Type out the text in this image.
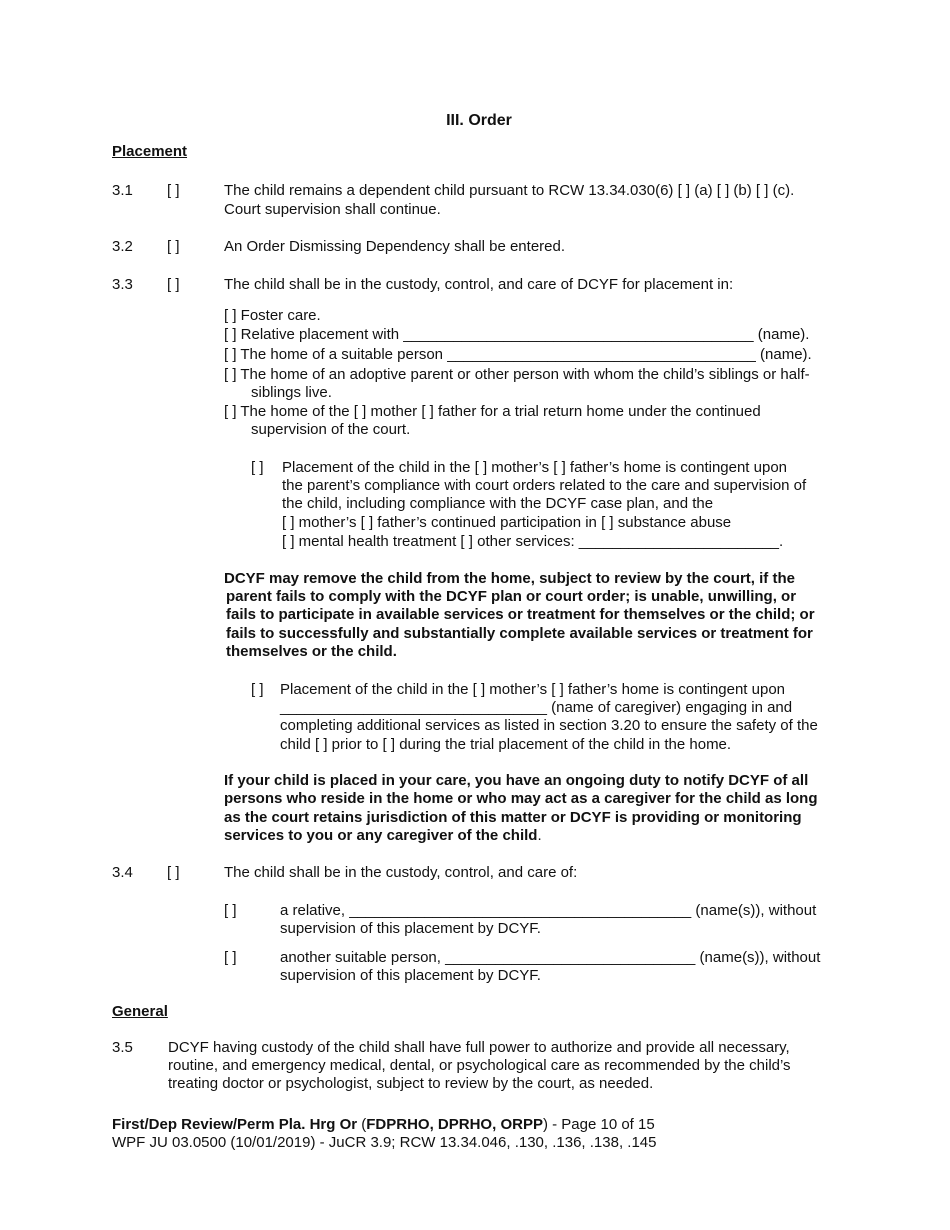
III. Order
Placement
3.1 [ ]	The child remains a dependent child pursuant to RCW 13.34.030(6) [ ] (a) [ ] (b) [ ] (c).
Court supervision shall continue.
3.2 [ ]	An Order Dismissing Dependency shall be entered.
3.3 [ ]	The child shall be in the custody, control, and care of DCYF for placement in:
[ ] Foster care.
[ ] Relative placement with __________________________________________ (name).
[ ] The home of a suitable person _____________________________________ (name).
[ ] The home of an adoptive parent or other person with whom the child’s siblings or half-
siblings live.
[ ] The home of the [ ] mother [ ] father for a trial return home under the continued
supervision of the court.
[ ] Placement of the child in the [ ] mother’s [ ] father’s home is contingent upon
the parent’s compliance with court orders related to the care and supervision of
the child, including compliance with the DCYF case plan, and the
[ ] mother’s [ ] father’s continued participation in [ ] substance abuse
[ ] mental health treatment [ ] other services: ________________________.
DCYF may remove the child from the home, subject to review by the court, if the
parent fails to comply with the DCYF plan or court order; is unable, unwilling, or
fails to participate in available services or treatment for themselves or the child; or
fails to successfully and substantially complete available services or treatment for
themselves or the child.
[ ] Placement of the child in the [ ] mother’s [ ] father’s home is contingent upon
________________________________ (name of caregiver) engaging in and
completing additional services as listed in section 3.20 to ensure the safety of the
child [ ] prior to [ ] during the trial placement of the child in the home.
If your child is placed in your care, you have an ongoing duty to notify DCYF of all
persons who reside in the home or who may act as a caregiver for the child as long
as the court retains jurisdiction of this matter or DCYF is providing or monitoring
services to you or any caregiver of the child.
3.4 [ ]	The child shall be in the custody, control, and care of:
[ ]	a relative, _________________________________________ (name(s)), without
supervision of this placement by DCYF.
[ ]	another suitable person, ______________________________ (name(s)), without
supervision of this placement by DCYF.
General
3.5 DCYF having custody of the child shall have full power to authorize and provide all necessary,
routine, and emergency medical, dental, or psychological care as recommended by the child’s
treating doctor or psychologist, subject to review by the court, as needed.
First/Dep Review/Perm Pla. Hrg Or (FDPRHO, DPRHO, ORPP) - Page 10 of 15
WPF JU 03.0500 (10/01/2019) - JuCR 3.9; RCW 13.34.046, .130, .136, .138, .145
